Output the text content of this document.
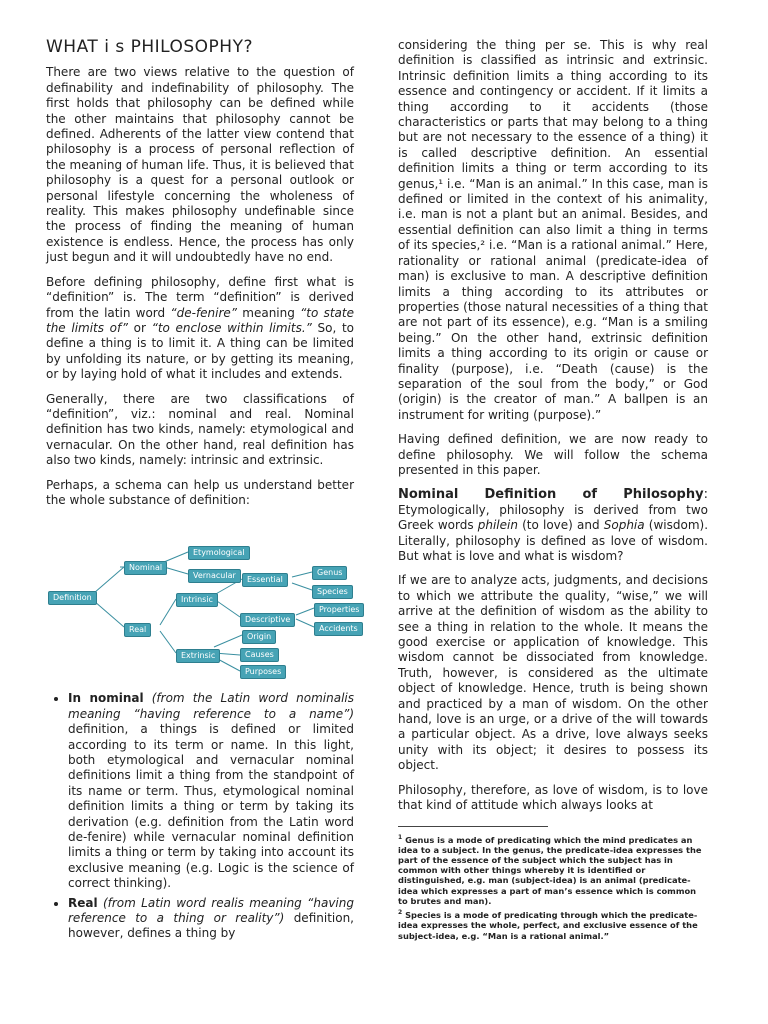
WHAT i s PHILOSOPHY?

There are two views relative to the question of definability and indefinability of philosophy. The first holds that philosophy can be defined while the other maintains that philosophy cannot be defined. Adherents of the latter view contend that philosophy is a process of personal reflection of the meaning of human life. Thus, it is believed that philosophy is a quest for a personal outlook or personal lifestyle concerning the wholeness of reality. This makes philosophy undefinable since the process of finding the meaning of human existence is endless. Hence, the process has only just begun and it will undoubtedly have no end.

Before defining philosophy, define first what is “definition” is. The term “definition” is derived from the latin word “de-fenire” meaning “to state the limits of” or “to enclose within limits.” So, to define a thing is to limit it. A thing can be limited by unfolding its nature, or by getting its meaning, or by laying hold of what it includes and extends.

Generally, there are two classifications of “definition”, viz.: nominal and real. Nominal definition has two kinds, namely: etymological and vernacular. On the other hand, real definition has also two kinds, namely: intrinsic and extrinsic.

Perhaps, a schema can help us understand better the whole substance of definition:

Definition
Nominal
Real
Etymological
Vernacular
Intrinsic
Extrinsic
Essential
Descriptive
Genus
Species
Properties
Accidents
Origin
Causes
Purposes
• In nominal (from the Latin word nominalis meaning “having reference to a name”) definition, a things is defined or limited according to its term or name. In this light, both etymological and vernacular nominal definitions limit a thing from the standpoint of its name or term. Thus, etymological nominal definition limits a thing or term by taking its derivation (e.g. definition from the Latin word de-fenire) while vernacular nominal definition limits a thing or term by taking into account its exclusive meaning (e.g. Logic is the science of correct thinking).
• Real (from Latin word realis meaning “having reference to a thing or reality”) definition, however, defines a thing by

considering the thing per se. This is why real definition is classified as intrinsic and extrinsic. Intrinsic definition limits a thing according to its essence and contingency or accident. If it limits a thing according to it accidents (those characteristics or parts that may belong to a thing but are not necessary to the essence of a thing) it is called descriptive definition. An essential definition limits a thing or term according to its genus,¹ i.e. “Man is an animal.” In this case, man is defined or limited in the context of his animality, i.e. man is not a plant but an animal. Besides, and essential definition can also limit a thing in terms of its species,² i.e. “Man is a rational animal.” Here, rationality or rational animal (predicate-idea of man) is exclusive to man. A descriptive definition limits a thing according to its attributes or properties (those natural necessities of a thing that are not part of its essence), e.g. “Man is a smiling being.” On the other hand, extrinsic definition limits a thing according to its origin or cause or finality (purpose), i.e. “Death (cause) is the separation of the soul from the body,” or God (origin) is the creator of man.” A ballpen is an instrument for writing (purpose).”

Having defined definition, we are now ready to define philosophy. We will follow the schema presented in this paper.

Nominal Definition of Philosophy:

Etymologically, philosophy is derived from two Greek words philein (to love) and Sophia (wisdom). Literally, philosophy is defined as love of wisdom. But what is love and what is wisdom?

If we are to analyze acts, judgments, and decisions to which we attribute the quality, “wise,” we will arrive at the definition of wisdom as the ability to see a thing in relation to the whole. It means the good exercise or application of knowledge. This wisdom cannot be dissociated from knowledge. Truth, however, is considered as the ultimate object of knowledge. Hence, truth is being shown and practiced by a man of wisdom. On the other hand, love is an urge, or a drive of the will towards a particular object. As a drive, love always seeks unity with its object; it desires to possess its object.

Philosophy, therefore, as love of wisdom, is to love that kind of attitude which always looks at

$^1$ Genus is a mode of predicating which the mind predicates an idea to a subject. In the genus, the predicate-idea expresses the part of the essence of the subject which the subject has in common with other things whereby it is identified or distinguished, e.g. man (subject-idea) is an animal (predicate-idea which expresses a part of man’s essence which is common to brutes and man).
$^2$ Species is a mode of predicating through which the predicate-idea expresses the whole, perfect, and exclusive essence of the subject-idea, e.g. “Man is a rational animal.”
